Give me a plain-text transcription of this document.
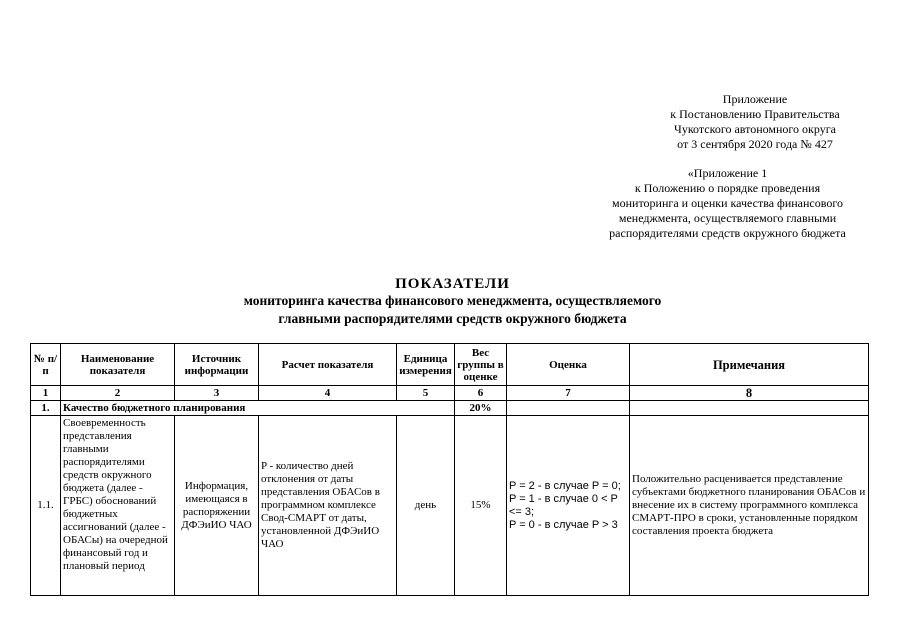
Приложение
к Постановлению Правительства
Чукотского автономного округа
от 3 сентября 2020 года № 427
«Приложение 1
к Положению о порядке проведения
мониторинга и оценки качества финансового
менеджмента, осуществляемого главными
распорядителями средств окружного бюджета
ПОКАЗАТЕЛИ
мониторинга качества финансового менеджмента, осуществляемого
главными распорядителями средств окружного бюджета
№ п/п	Наименование показателя	Источник информации	Расчет показателя	Единица измерения	Вес группы в оценке	Оценка	Примечания
1	2	3	4	5	6	7	8
1.	Качество бюджетного планирования				20%		
1.1.	Своевременность представления главными распорядителями средств окружного бюджета (далее - ГРБС) обоснований бюджетных ассигнований (далее - ОБАСы) на очередной финансовый год и плановый период	Информация, имеющаяся в распоряжении ДФЭиИО ЧАО	P - количество дней отклонения от даты представления ОБАСов в программном комплексе Свод-СМАРТ от даты, установленной ДФЭиИО ЧАО	день	15%	P = 2 - в случае P = 0;
P = 1 - в случае 0 < P <= 3;
P = 0 - в случае P > 3	Положительно расценивается представление субъектами бюджетного планирования ОБАСов и внесение их в систему программного комплекса СМАРТ-ПРО в сроки, установленные порядком составления проекта бюджета
